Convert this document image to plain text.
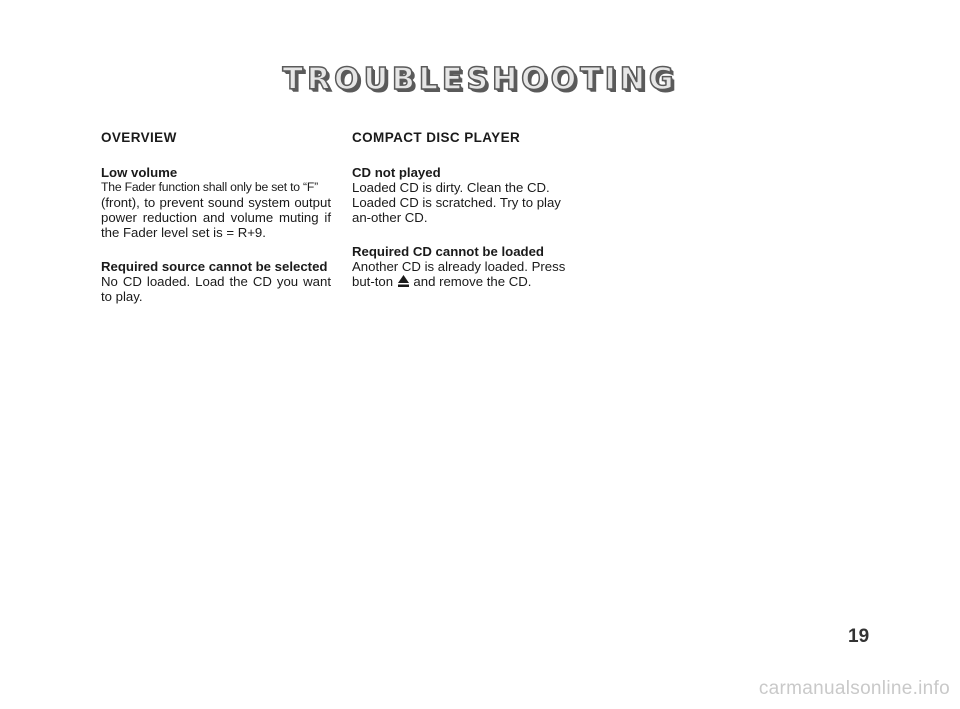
TROUBLESHOOTING
OVERVIEW
Low volume
The Fader function shall only be set to “F”
(front), to prevent sound system output power reduction and volume muting if the Fader level set is = R+9.
Required source cannot be selected
No CD loaded. Load the CD you want to play.
COMPACT DISC PLAYER
CD not played
Loaded CD is dirty. Clean the CD. Loaded CD is scratched. Try to play an-other CD.
Required CD cannot be loaded
Another CD is already loaded. Press but-ton and remove the CD.
19
carmanualsonline.info
